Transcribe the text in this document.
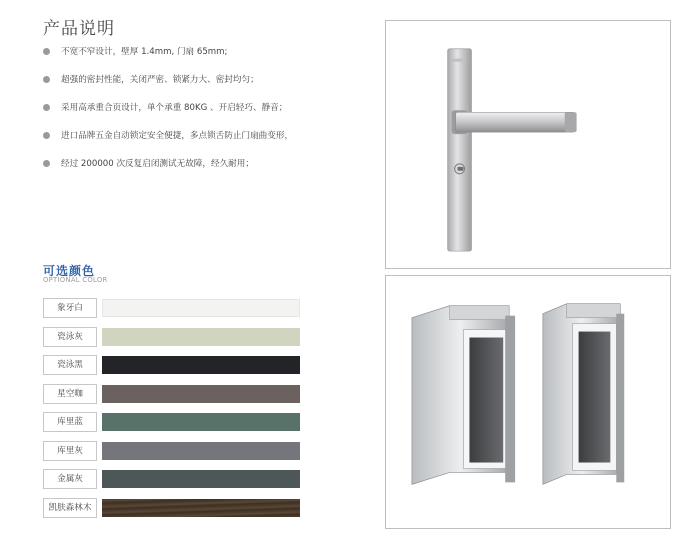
产品说明
不宽不窄设计，壁厚 1.4mm, 门扇 65mm;
超强的密封性能，关闭严密、锁紧力大、密封均匀；
采用高承重合页设计，单个承重 80KG 、开启轻巧、静音；
进口品牌五金自动锁定安全便捷，多点锁舌防止门扇曲变形，
经过 200000 次反复启闭测试无故障，经久耐用；
可选颜色
OPTIONAL COLOR
象牙白
瓷泳灰
瓷泳黑
星空咖
库里蓝
库里灰
金属灰
凯肤森林木
